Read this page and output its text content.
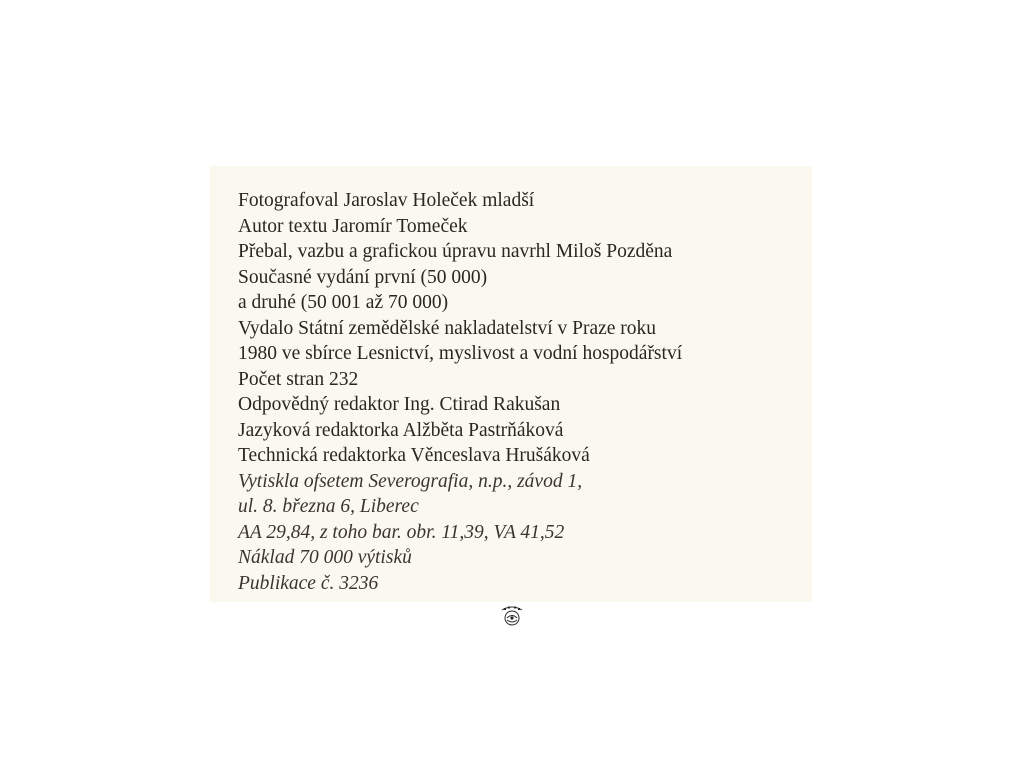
Fotografoval Jaroslav Holeček mladší
Autor textu Jaromír Tomeček
Přebal, vazbu a grafickou úpravu navrhl Miloš Pozděna
Současné vydání první (50 000)
a druhé (50 001 až 70 000)
Vydalo Státní zemědělské nakladatelství v Praze roku
1980 ve sbírce Lesnictví, myslivost a vodní hospodářství
Počet stran 232
Odpovědný redaktor Ing. Ctirad Rakušan
Jazyková redaktorka Alžběta Pastrňáková
Technická redaktorka Věnceslava Hrušáková
Vytiskla ofsetem Severografia, n.p., závod 1,
ul. 8. března 6, Liberec
AA 29,84, z toho bar. obr. 11,39, VA 41,52
Náklad 70 000 výtisků
Publikace č. 3236
